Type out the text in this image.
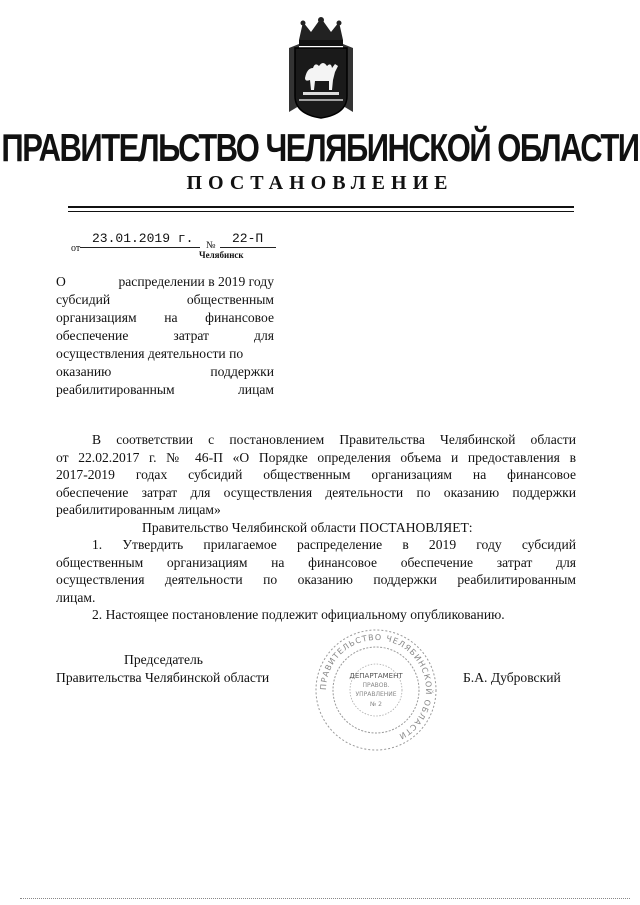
ПРАВИТЕЛЬСТВО ЧЕЛЯБИНСКОЙ ОБЛАСТИ
ПОСТАНОВЛЕНИЕ
от
23.01.2019 г. № 22-П
Челябинск
О	распределении в 2019 году
субсидий	общественным
организациям на финансовое
обеспечение	затрат	для
осуществления деятельности по
оказанию	поддержки
реабилитированным	лицам
В соответствии с постановлением Правительства Челябинской области
от 22.02.2017 г. № 46-П «О Порядке определения объема и предоставления в
2017-2019 годах субсидий общественным организациям на финансовое
обеспечение затрат для осуществления деятельности по оказанию поддержки
реабилитированным лицам»
Правительство Челябинской области ПОСТАНОВЛЯЕТ:
1. Утвердить прилагаемое распределение в 2019 году субсидий
общественным организациям на финансовое обеспечение затрат для
осуществления деятельности по оказанию поддержки реабилитированным
лицам.
2. Настоящее постановление подлежит официальному опубликованию.
ПРАВИТЕЛЬСТВО ЧЕЛЯБИНСКОЙ ОБЛАСТИ
ДЕПАРТАМЕНТ
ПРАВОВ.
УПРАВЛЕНИЕ
№ 2
Председатель
Правительства Челябинской области	Б.А. Дубровский
